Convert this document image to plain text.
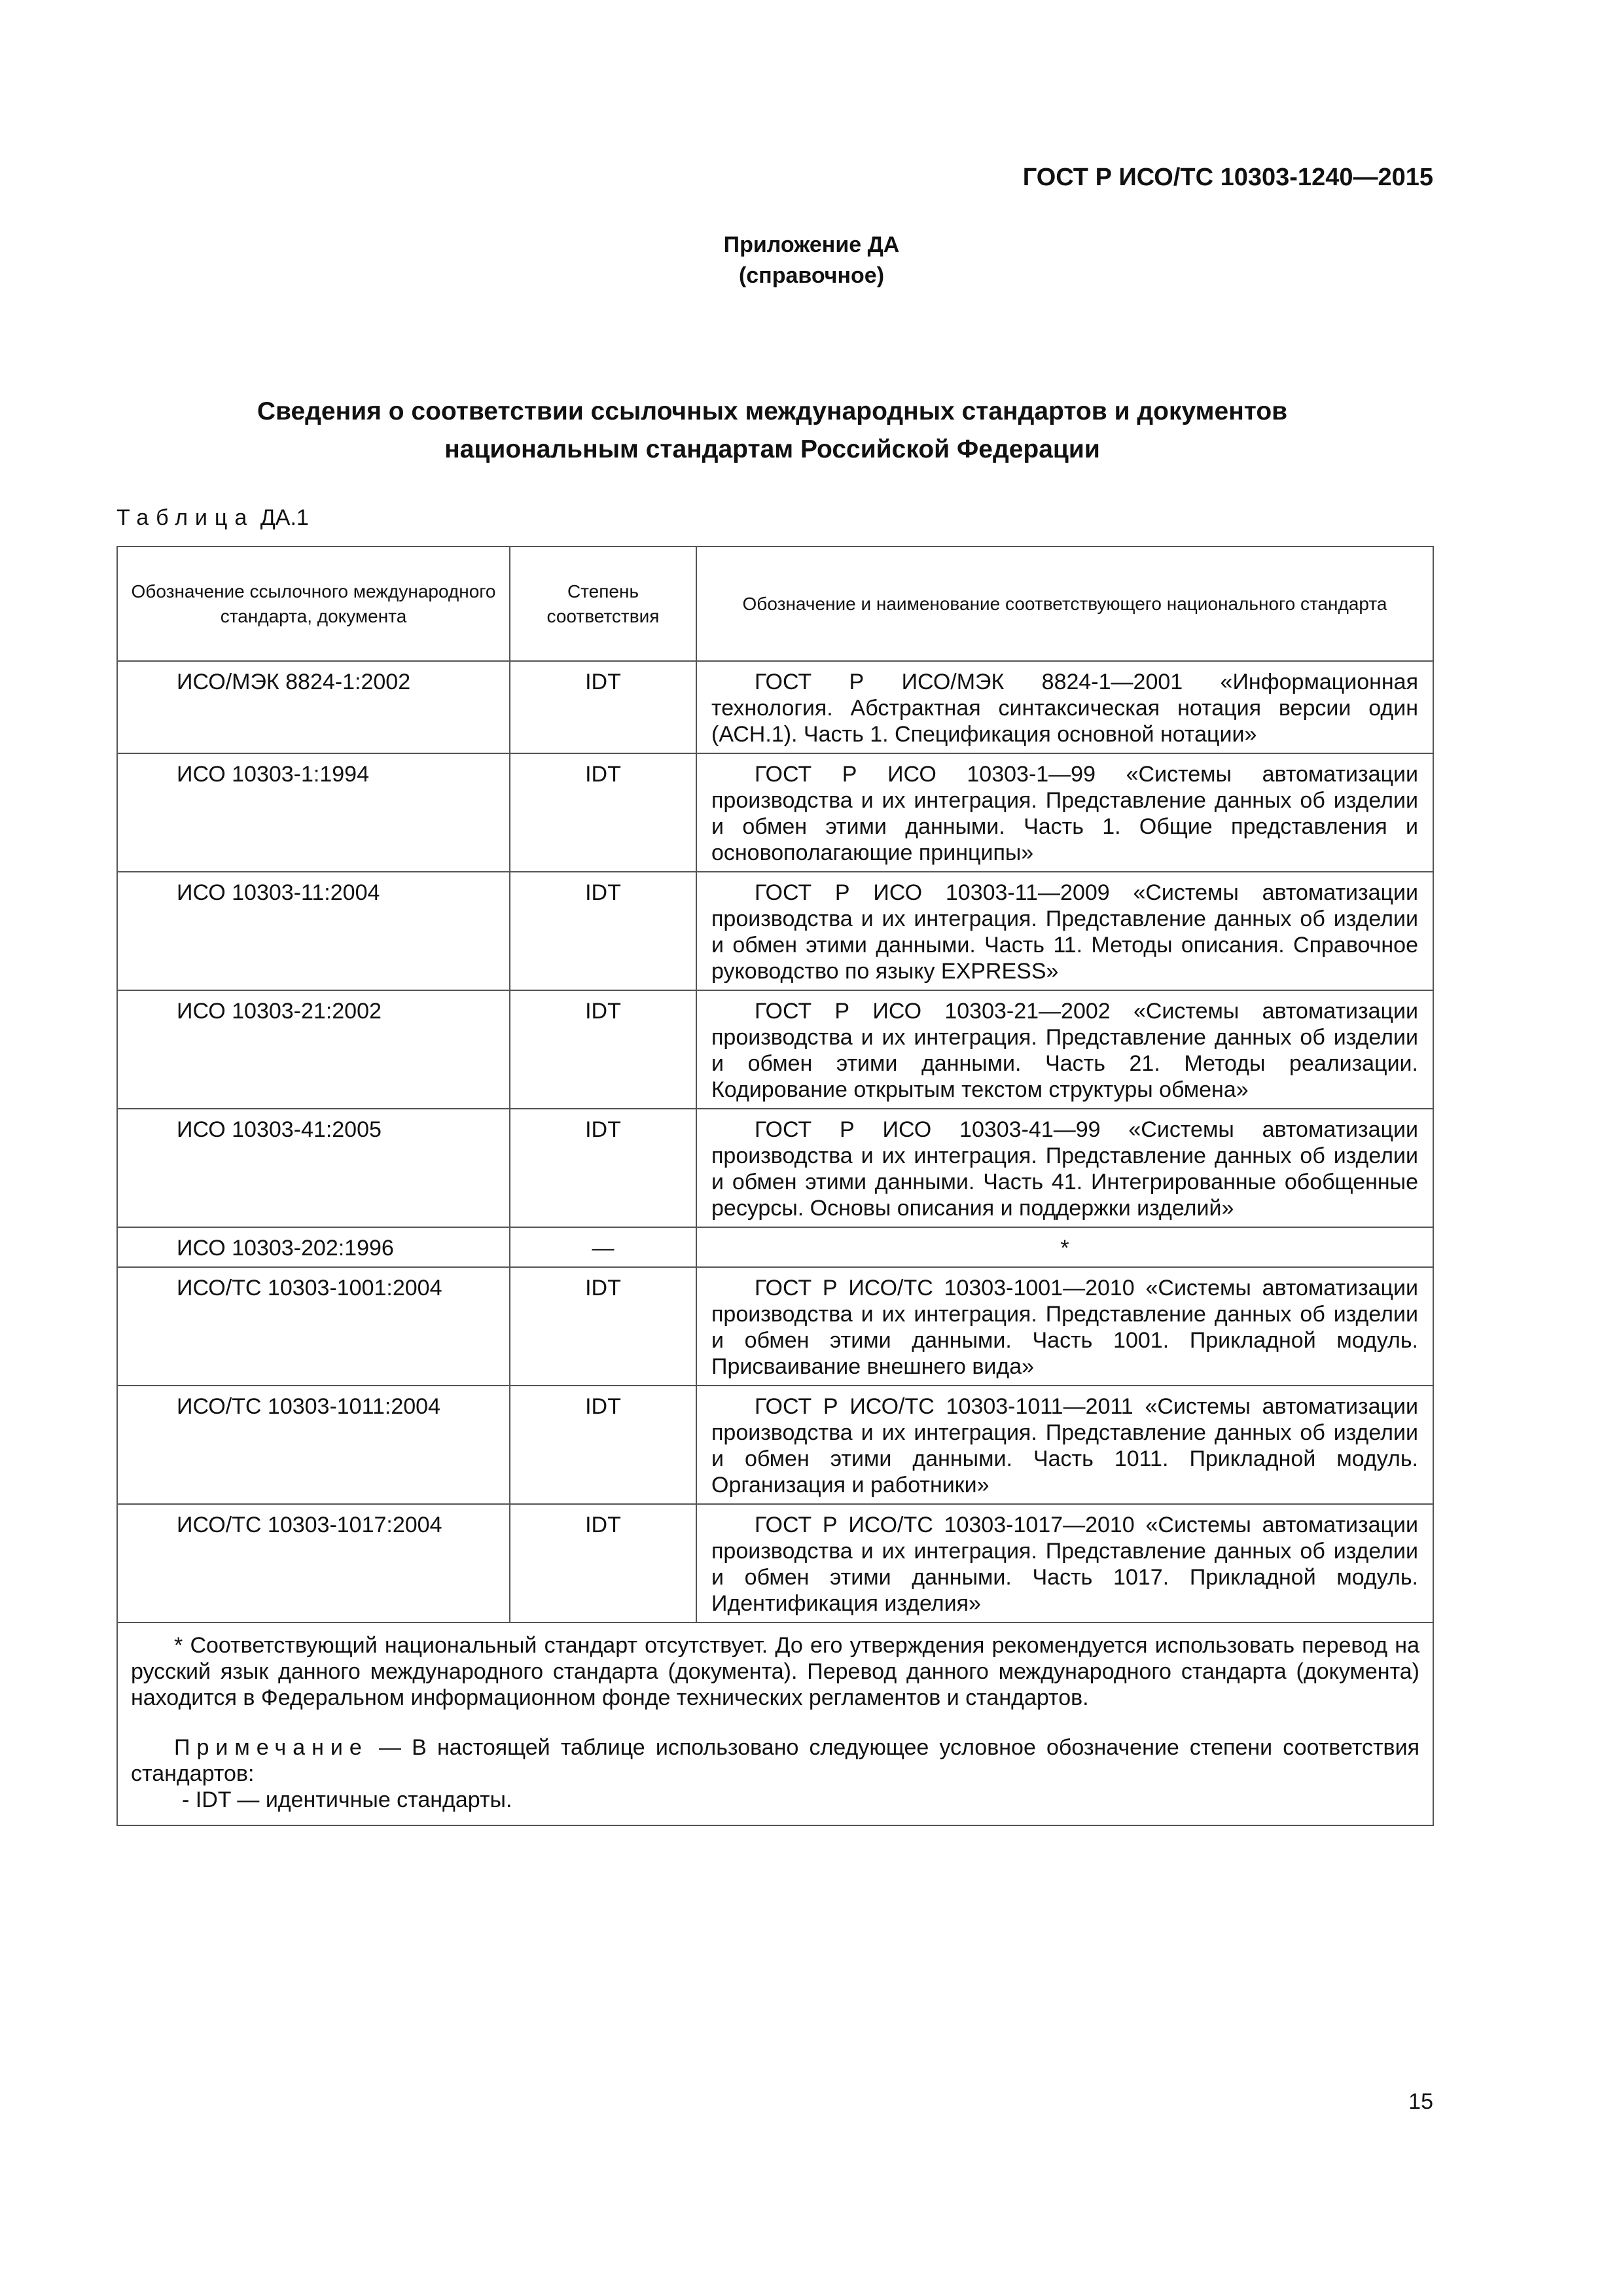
ГОСТ Р ИСО/ТС 10303-1240—2015
Приложение ДА
(справочное)
Сведения о соответствии ссылочных международных стандартов и документов
национальным стандартам Российской Федерации
Таблица ДА.1
Обозначение ссылочного международного стандарта, документа	Степень соответствия	Обозначение и наименование соответствующего национального стандарта
ИСО/МЭК 8824-1:2002	IDT	ГОСТ Р ИСО/МЭК 8824-1—2001 «Информационная технология. Абстрактная синтаксическая нотация версии один (АСН.1). Часть 1. Спецификация основной нотации»
ИСО 10303-1:1994	IDT	ГОСТ Р ИСО 10303-1—99 «Системы автоматизации производства и их интеграция. Представление данных об изделии и обмен этими данными. Часть 1. Общие представления и основополагающие принципы»
ИСО 10303-11:2004	IDT	ГОСТ Р ИСО 10303-11—2009 «Системы автоматизации производства и их интеграция. Представление данных об изделии и обмен этими данными. Часть 11. Методы описания. Справочное руководство по языку EXPRESS»
ИСО 10303-21:2002	IDT	ГОСТ Р ИСО 10303-21—2002 «Системы автоматизации производства и их интеграция. Представление данных об изделии и обмен этими данными. Часть 21. Методы реализации. Кодирование открытым текстом структуры обмена»
ИСО 10303-41:2005	IDT	ГОСТ Р ИСО 10303-41—99 «Системы автоматизации производства и их интеграция. Представление данных об изделии и обмен этими данными. Часть 41. Интегрированные обобщенные ресурсы. Основы описания и поддержки изделий»
ИСО 10303-202:1996	—	*
ИСО/ТС 10303-1001:2004	IDT	ГОСТ Р ИСО/ТС 10303-1001—2010 «Системы автоматизации производства и их интеграция. Представление данных об изделии и обмен этими данными. Часть 1001. Прикладной модуль. Присваивание внешнего вида»
ИСО/ТС 10303-1011:2004	IDT	ГОСТ Р ИСО/ТС 10303-1011—2011 «Системы автоматизации производства и их интеграция. Представление данных об изделии и обмен этими данными. Часть 1011. Прикладной модуль. Организация и работники»
ИСО/ТС 10303-1017:2004	IDT	ГОСТ Р ИСО/ТС 10303-1017—2010 «Системы автоматизации производства и их интеграция. Представление данных об изделии и обмен этими данными. Часть 1017. Прикладной модуль. Идентификация изделия»

* Соответствующий национальный стандарт отсутствует. До его утверждения рекомендуется использовать перевод на русский язык данного международного стандарта (документа). Перевод данного международного стандарта (документа) находится в Федеральном информационном фонде технических регламентов и стандартов.

Примечание — В настоящей таблице использовано следующее условное обозначение степени соответствия стандартов:

- IDT — идентичные стандарты.		

15
